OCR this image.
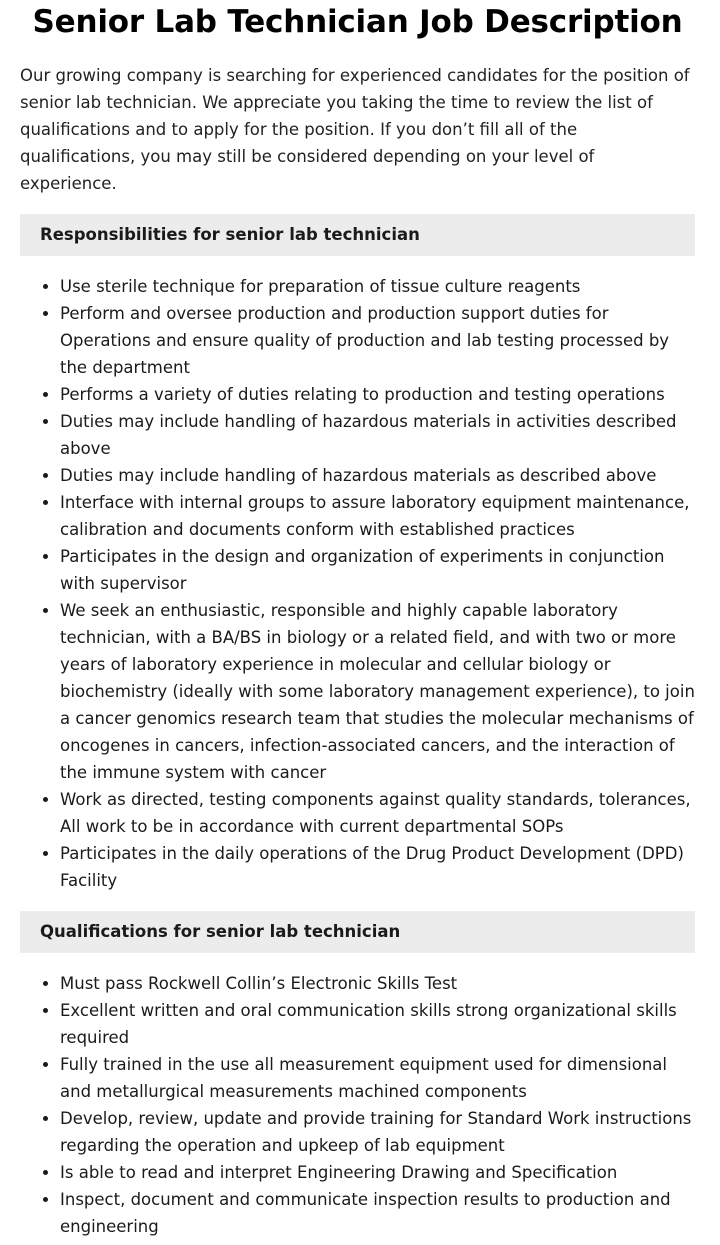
Senior Lab Technician Job Description

Our growing company is searching for experienced candidates for the position of senior lab technician. We appreciate you taking the time to review the list of qualifications and to apply for the position. If you don’t fill all of the qualifications, you may still be considered depending on your level of experience.

Responsibilities for senior lab technician
Use sterile technique for preparation of tissue culture reagents
Perform and oversee production and production support duties for Operations and ensure quality of production and lab testing processed by the department
Performs a variety of duties relating to production and testing operations
Duties may include handling of hazardous materials in activities described above
Duties may include handling of hazardous materials as described above
Interface with internal groups to assure laboratory equipment maintenance, calibration and documents conform with established practices
Participates in the design and organization of experiments in conjunction with supervisor
We seek an enthusiastic, responsible and highly capable laboratory technician, with a BA/BS in biology or a related field, and with two or more years of laboratory experience in molecular and cellular biology or biochemistry (ideally with some laboratory management experience), to join a cancer genomics research team that studies the molecular mechanisms of oncogenes in cancers, infection-associated cancers, and the interaction of the immune system with cancer
Work as directed, testing components against quality standards, tolerances, All work to be in accordance with current departmental SOPs
Participates in the daily operations of the Drug Product Development (DPD) Facility
Qualifications for senior lab technician
Must pass Rockwell Collin’s Electronic Skills Test
Excellent written and oral communication skills strong organizational skills required
Fully trained in the use all measurement equipment used for dimensional and metallurgical measurements machined components
Develop, review, update and provide training for Standard Work instructions regarding the operation and upkeep of lab equipment
Is able to read and interpret Engineering Drawing and Specification
Inspect, document and communicate inspection results to production and engineering
